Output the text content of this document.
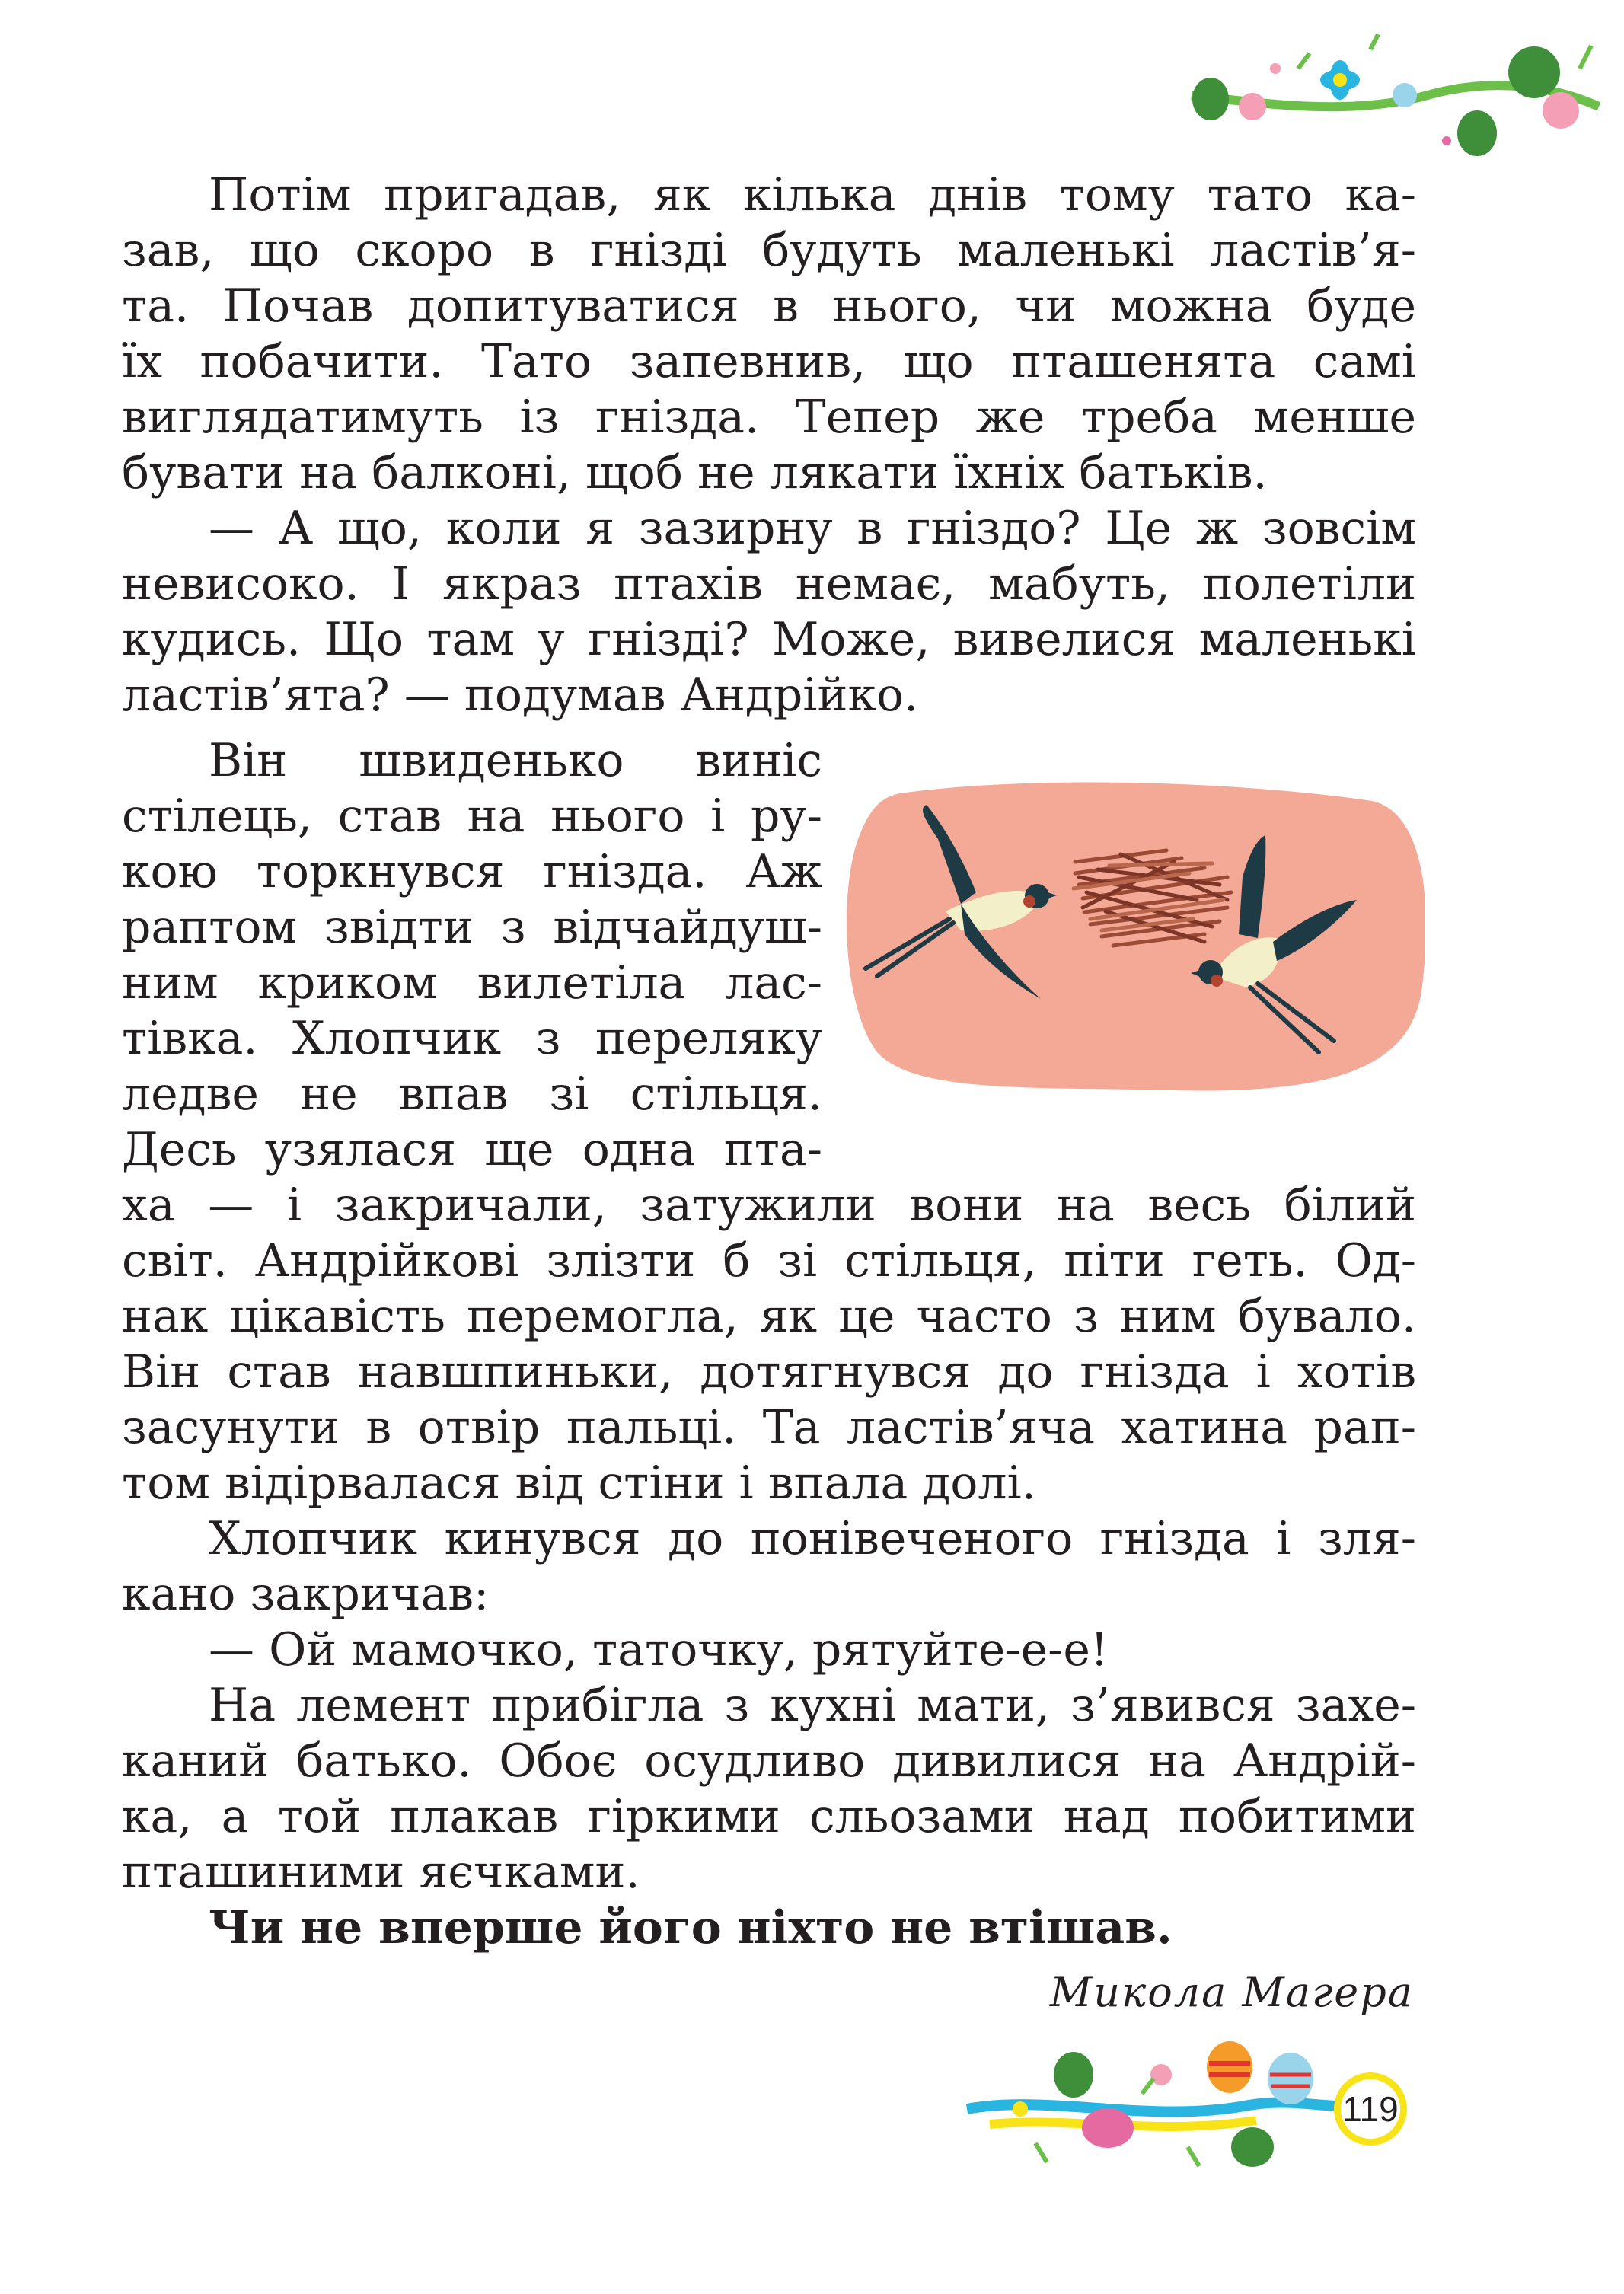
Потім пригадав, як кілька днів тому тато ка-
зав, що скоро в гнізді будуть маленькі ластів’я-
та. Почав допитуватися в нього, чи можна буде
їх побачити. Тато запевнив, що пташенята самі
виглядатимуть із гнізда. Тепер же треба менше
бувати на балконі, щоб не лякати їхніх батьків.
— А що, коли я зазирну в гніздо? Це ж зовсім
невисоко. І якраз птахів немає, мабуть, полетіли
кудись. Що там у гнізді? Може, вивелися маленькі
ластів’ята? — подумав Андрійко.
Він швиденько виніс
стілець, став на нього і ру-
кою торкнувся гнізда. Аж
раптом звідти з відчайдуш-
ним криком вилетіла лас-
тівка. Хлопчик з переляку
ледве не впав зі стільця.
Десь узялася ще одна пта-
ха — і закричали, затужили вони на весь білий
світ. Андрійкові злізти б зі стільця, піти геть. Од-
нак цікавість перемогла, як це часто з ним бувало.
Він став навшпиньки, дотягнувся до гнізда і хотів
засунути в отвір пальці. Та ластів’яча хатина рап-
том відірвалася від стіни і впала долі.
Хлопчик кинувся до понівеченого гнізда і зля-
кано закричав:
— Ой мамочко, таточку, рятуйте-е-е!
На лемент прибігла з кухні мати, з’явився захе-
каний батько. Обоє осудливо дивилися на Андрій-
ка, а той плакав гіркими сльозами над побитими
пташиними яєчками.
Чи не вперше його ніхто не втішав.
Микола Магера
119
